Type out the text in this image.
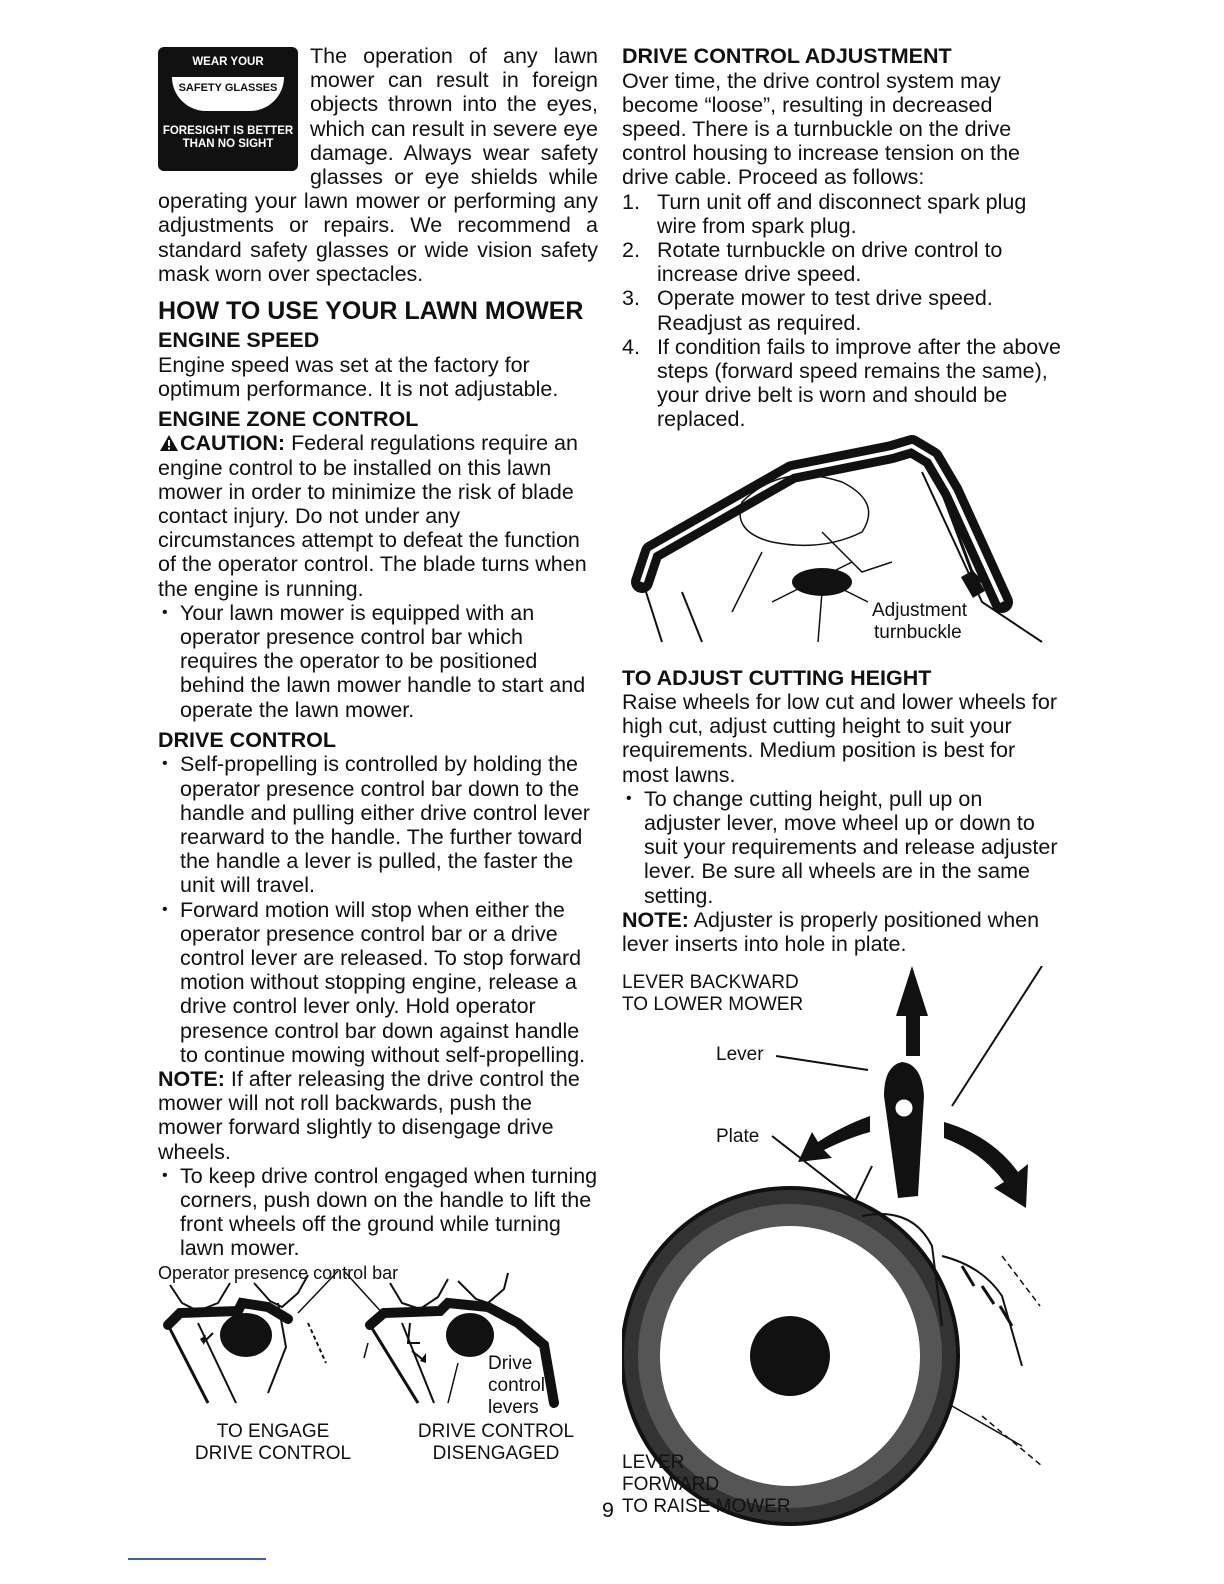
WEAR YOUR
SAFETY GLASSES
FORESIGHT IS BETTER
THAN NO SIGHT

The operation of any lawn mower can result in foreign objects thrown into the eyes, which can result in severe eye damage. Always wear safety glasses or eye shields while operating your lawn mower or performing any adjustments or repairs. We recommend a standard safety glasses or wide vision safety mask worn over spectacles.

HOW TO USE YOUR LAWN MOWER
ENGINE SPEED

Engine speed was set at the factory for optimum performance. It is not adjustable.

ENGINE ZONE CONTROL

CAUTION: Federal regulations require an engine control to be installed on this lawn mower in order to minimize the risk of blade contact injury. Do not under any circumstances attempt to defeat the function of the operator control. The blade turns when the engine is running.

• Your lawn mower is equipped with an operator presence control bar which requires the operator to be positioned behind the lawn mower handle to start and operate the lawn mower.
DRIVE CONTROL
• Self-propelling is controlled by holding the operator presence control bar down to the handle and pulling either drive control lever rearward to the handle. The further toward the handle a lever is pulled, the faster the unit will travel.
• Forward motion will stop when either the operator presence control bar or a drive control lever are released. To stop forward motion without stopping engine, release a drive control lever only. Hold operator presence control bar down against handle to continue mowing without self-propelling.

NOTE: If after releasing the drive control the mower will not roll backwards, push the mower forward slightly to disengage drive wheels.

• To keep drive control engaged when turning corners, push down on the handle to lift the front wheels off the ground while turning lawn mower.
Operator presence control bar
Drive
control
levers
TO ENGAGE
DRIVE CONTROL
DRIVE CONTROL
DISENGAGED
DRIVE CONTROL ADJUSTMENT

Over time, the drive control system may become “loose”, resulting in decreased speed. There is a turnbuckle on the drive control housing to increase tension on the drive cable. Proceed as follows:

1. Turn unit off and disconnect spark plug wire from spark plug.
2. Rotate turnbuckle on drive control to increase drive speed.
3. Operate mower to test drive speed. Readjust as required.
4. If condition fails to improve after the above steps (forward speed remains the same), your drive belt is worn and should be replaced.
Adjustment
turnbuckle
TO ADJUST CUTTING HEIGHT

Raise wheels for low cut and lower wheels for high cut, adjust cutting height to suit your requirements. Medium position is best for most lawns.

• To change cutting height, pull up on adjuster lever, move wheel up or down to suit your requirements and release adjuster lever. Be sure all wheels are in the same setting.

NOTE: Adjuster is properly positioned when lever inserts into hole in plate.

LEVER BACKWARD
TO LOWER MOWER
Lever
Plate
LEVER
FORWARD
TO RAISE MOWER
9
